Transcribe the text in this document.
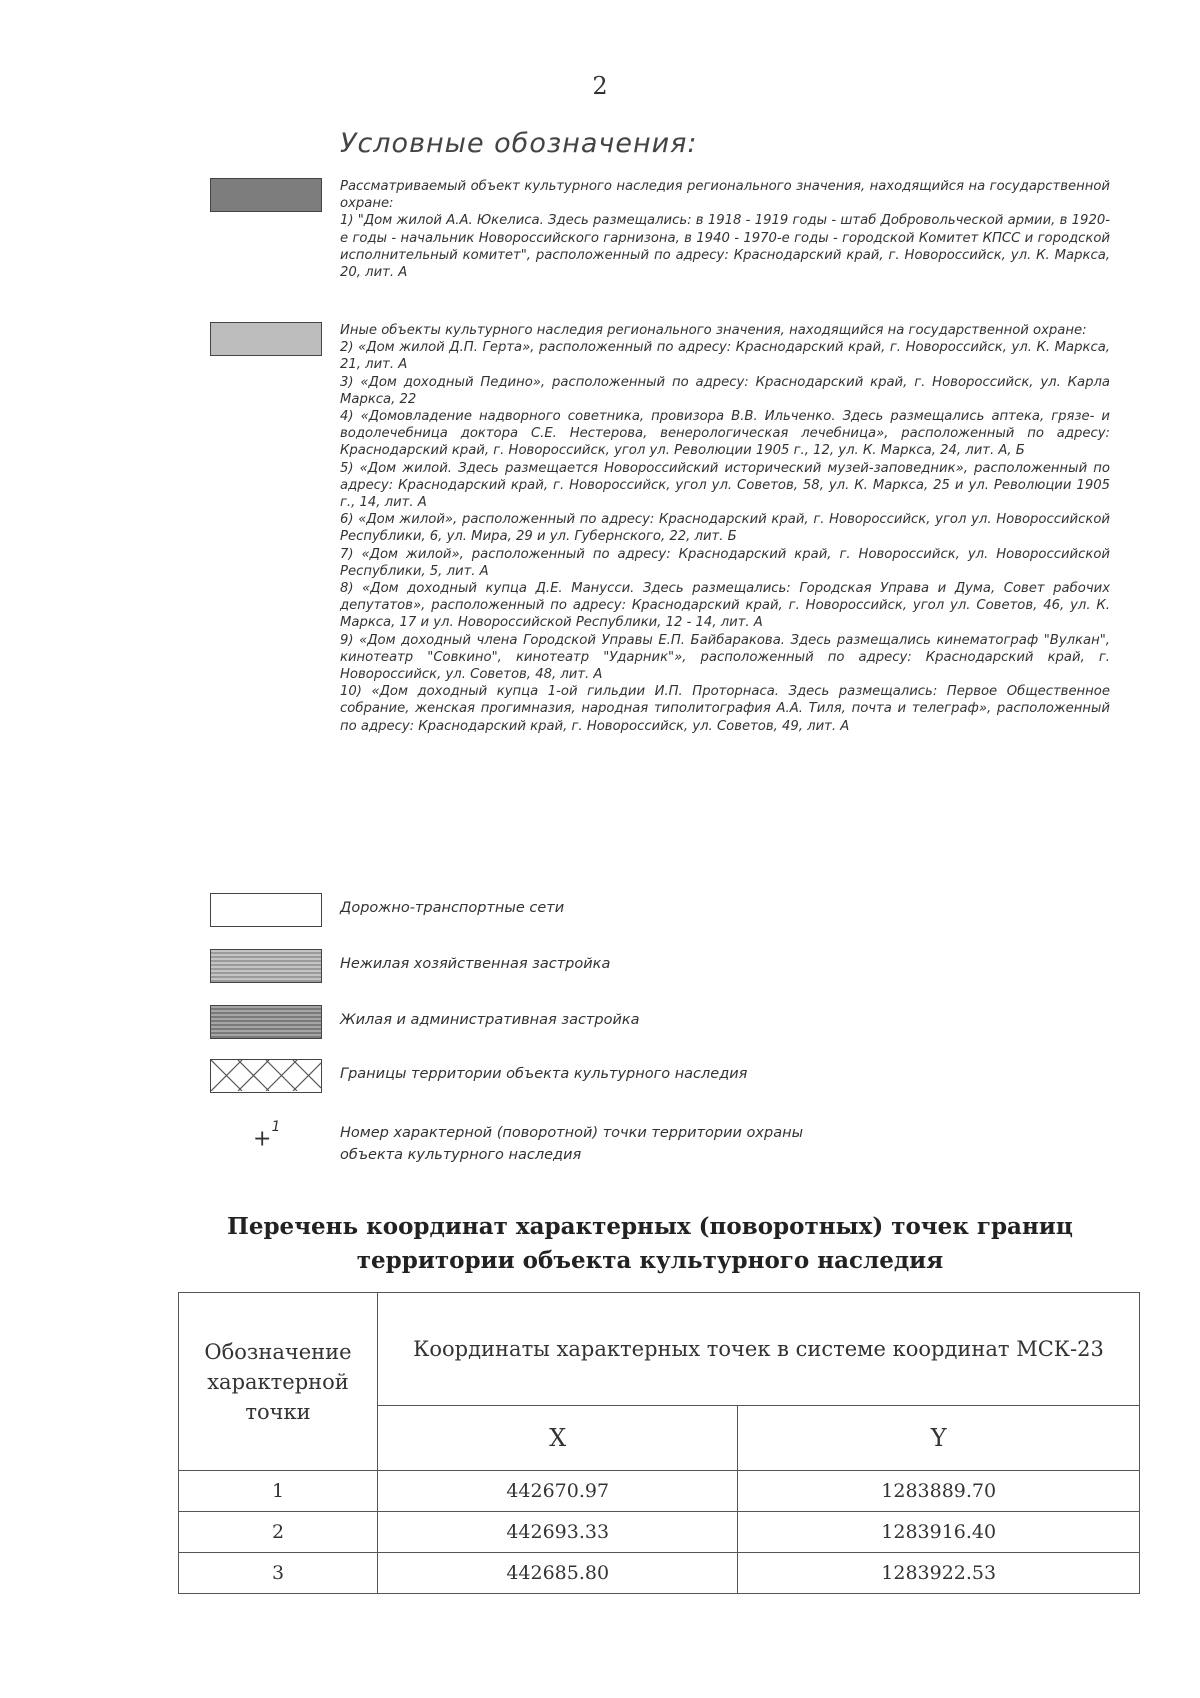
2
Условные обозначения:

Рассматриваемый объект культурного наследия регионального значения, находящийся на государственной охране:

1) "Дом жилой А.А. Юкелиса. Здесь размещались: в 1918 - 1919 годы - штаб Добровольческой армии, в 1920-е годы - начальник Новороссийского гарнизона, в 1940 - 1970-е годы - городской Комитет КПСС и городской исполнительный комитет", расположенный по адресу: Краснодарский край, г. Новороссийск, ул. К. Маркса, 20, лит. А

Иные объекты культурного наследия регионального значения, находящийся на государственной охране:

2) «Дом жилой Д.П. Герта», расположенный по адресу: Краснодарский край, г. Новороссийск, ул. К. Маркса, 21, лит. А

3) «Дом доходный Педино», расположенный по адресу: Краснодарский край, г. Новороссийск, ул. Карла Маркса, 22

4) «Домовладение надворного советника, провизора В.В. Ильченко. Здесь размещались аптека, грязе- и водолечебница доктора С.Е. Нестерова, венерологическая лечебница», расположенный по адресу: Краснодарский край, г. Новороссийск, угол ул. Революции 1905 г., 12, ул. К. Маркса, 24, лит. А, Б

5) «Дом жилой. Здесь размещается Новороссийский исторический музей-заповедник», расположенный по адресу: Краснодарский край, г. Новороссийск, угол ул. Советов, 58, ул. К. Маркса, 25 и ул. Революции 1905 г., 14, лит. А

6) «Дом жилой», расположенный по адресу: Краснодарский край, г. Новороссийск, угол ул. Новороссийской Республики, 6, ул. Мира, 29 и ул. Губернского, 22, лит. Б

7) «Дом жилой», расположенный по адресу: Краснодарский край, г. Новороссийск, ул. Новороссийской Республики, 5, лит. А

8) «Дом доходный купца Д.Е. Манусси. Здесь размещались: Городская Управа и Дума, Совет рабочих депутатов», расположенный по адресу: Краснодарский край, г. Новороссийск, угол ул. Советов, 46, ул. К. Маркса, 17 и ул. Новороссийской Республики, 12 - 14, лит. А

9) «Дом доходный члена Городской Управы Е.П. Байбаракова. Здесь размещались кинематограф "Вулкан", кинотеатр "Совкино", кинотеатр "Ударник"», расположенный по адресу: Краснодарский край, г. Новороссийск, ул. Советов, 48, лит. А

10) «Дом доходный купца 1-ой гильдии И.П. Проторнаса. Здесь размещались: Первое Общественное собрание, женская прогимназия, народная типолитография А.А. Тиля, почта и телеграф», расположенный по адресу: Краснодарский край, г. Новороссийск, ул. Советов, 49, лит. А

Дорожно-транспортные сети
Нежилая хозяйственная застройка
Жилая и административная застройка
Границы территории объекта культурного наследия
+$^1$	Номер характерной (поворотной) точки территории охраны объекта культурного наследия
Перечень координат характерных (поворотных) точек границ территории объекта культурного наследия
Обозначение характерной точки	Координаты характерных точек в системе координат МСК-23	
	X	Y
1	442670.97	1283889.70
2	442693.33	1283916.40
3	442685.80	1283922.53
